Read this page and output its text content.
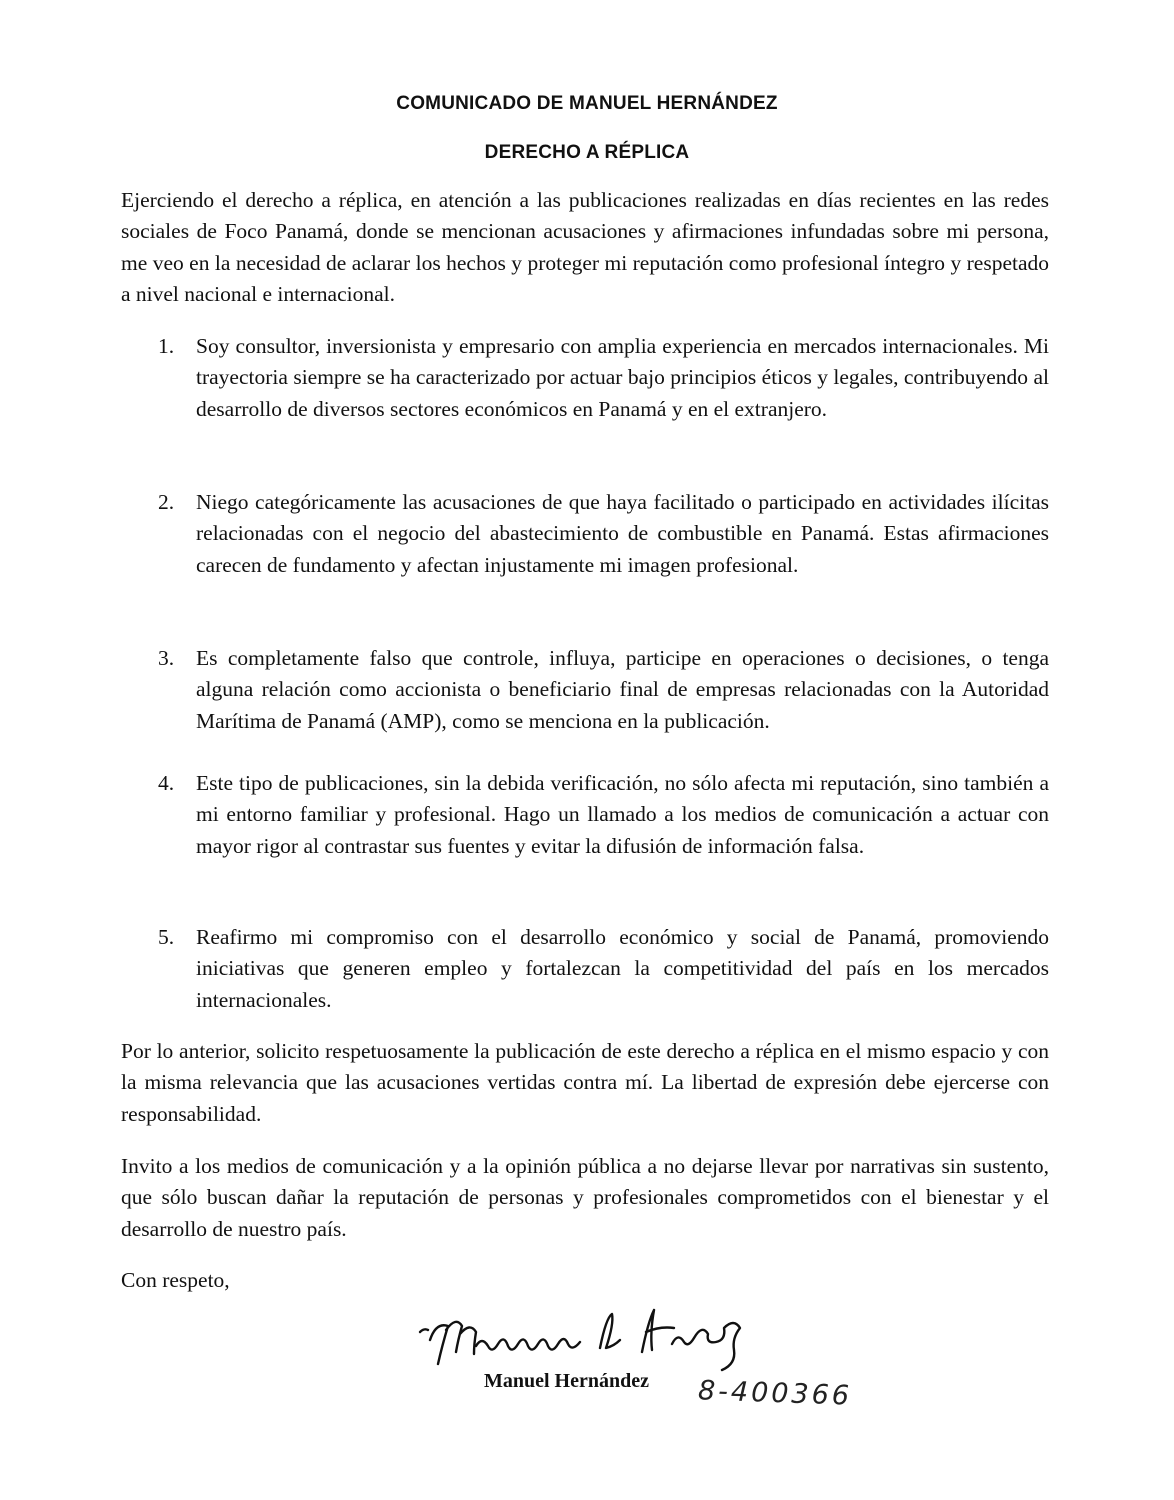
COMUNICADO DE MANUEL HERNÁNDEZ
DERECHO A RÉPLICA

Ejerciendo el derecho a réplica, en atención a las publicaciones realizadas en días recientes en las redes sociales de Foco Panamá, donde se mencionan acusaciones y afirmaciones infundadas sobre mi persona, me veo en la necesidad de aclarar los hechos y proteger mi reputación como profesional íntegro y respetado a nivel nacional e internacional.

1. Soy consultor, inversionista y empresario con amplia experiencia en mercados internacionales. Mi trayectoria siempre se ha caracterizado por actuar bajo principios éticos y legales, contribuyendo al desarrollo de diversos sectores económicos en Panamá y en el extranjero.

2. Niego categóricamente las acusaciones de que haya facilitado o participado en actividades ilícitas relacionadas con el negocio del abastecimiento de combustible en Panamá. Estas afirmaciones carecen de fundamento y afectan injustamente mi imagen profesional.

3. Es completamente falso que controle, influya, participe en operaciones o decisiones, o tenga alguna relación como accionista o beneficiario final de empresas relacionadas con la Autoridad Marítima de Panamá (AMP), como se menciona en la publicación.

4. Este tipo de publicaciones, sin la debida verificación, no sólo afecta mi reputación, sino también a mi entorno familiar y profesional. Hago un llamado a los medios de comunicación a actuar con mayor rigor al contrastar sus fuentes y evitar la difusión de información falsa.

5. Reafirmo mi compromiso con el desarrollo económico y social de Panamá, promoviendo iniciativas que generen empleo y fortalezcan la competitividad del país en los mercados internacionales.

Por lo anterior, solicito respetuosamente la publicación de este derecho a réplica en el mismo espacio y con la misma relevancia que las acusaciones vertidas contra mí. La libertad de expresión debe ejercerse con responsabilidad.

Invito a los medios de comunicación y a la opinión pública a no dejarse llevar por narrativas sin sustento, que sólo buscan dañar la reputación de personas y profesionales comprometidos con el bienestar y el desarrollo de nuestro país.

Con respeto,

Manuel Hernández 8-400366
